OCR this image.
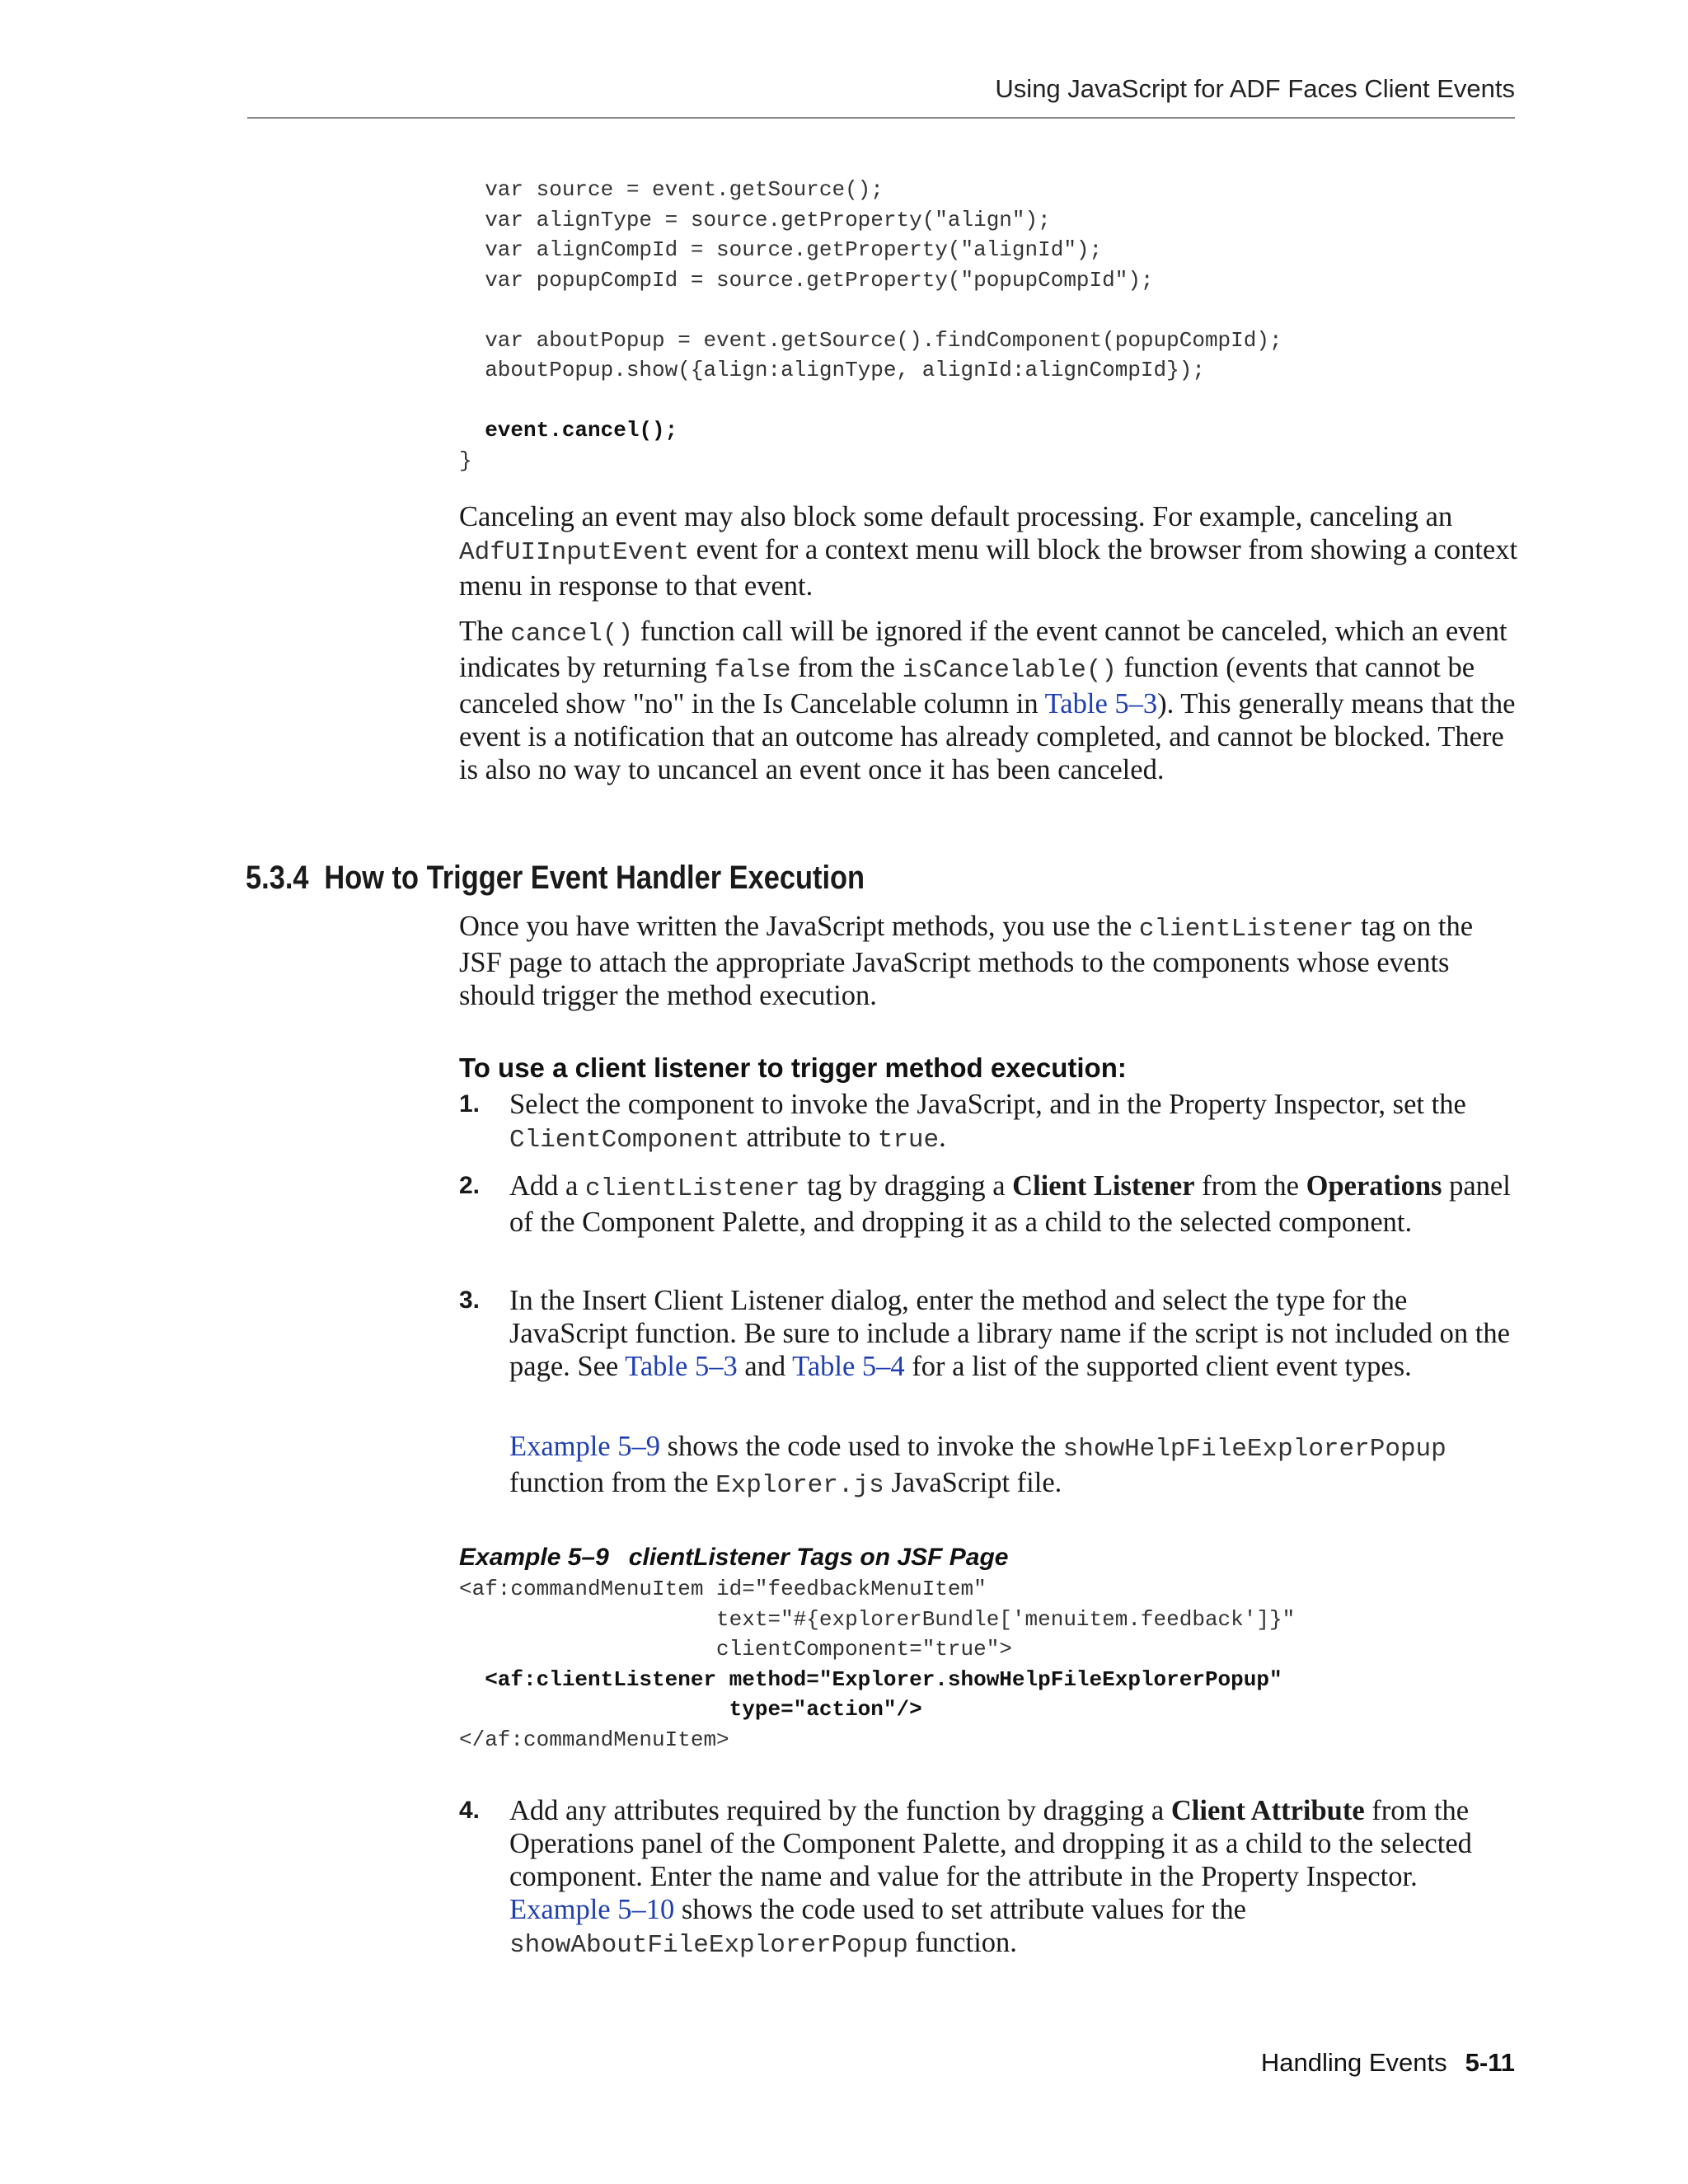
Using JavaScript for ADF Faces Client Events
var source = event.getSource();
var alignType = source.getProperty("align");
var alignCompId = source.getProperty("alignId");
var popupCompId = source.getProperty("popupCompId");

var aboutPopup = event.getSource().findComponent(popupCompId);
aboutPopup.show({align:alignType, alignId:alignCompId});

event.cancel();
}

Canceling an event may also block some default processing. For example, canceling an AdfUIInputEvent event for a context menu will block the browser from showing a context menu in response to that event.

The cancel() function call will be ignored if the event cannot be canceled, which an event indicates by returning false from the isCancelable() function (events that cannot be canceled show "no" in the Is Cancelable column in Table 5–3). This generally means that the event is a notification that an outcome has already completed, and cannot be blocked. There is also no way to uncancel an event once it has been canceled.

5.3.4 How to Trigger Event Handler Execution

Once you have written the JavaScript methods, you use the clientListener tag on the JSF page to attach the appropriate JavaScript methods to the components whose events should trigger the method execution.

To use a client listener to trigger method execution:
1. Select the component to invoke the JavaScript, and in the Property Inspector, set the ClientComponent attribute to true.

2. Add a clientListener tag by dragging a Client Listener from the Operations panel of the Component Palette, and dropping it as a child to the selected component.

3. In the Insert Client Listener dialog, enter the method and select the type for the JavaScript function. Be sure to include a library name if the script is not included on the page. See Table 5–3 and Table 5–4 for a list of the supported client event types.

Example 5–9 shows the code used to invoke the showHelpFileExplorerPopup function from the Explorer.js JavaScript file.

Example 5–9 clientListener Tags on JSF Page
<af:commandMenuItem id="feedbackMenuItem"
text="#{explorerBundle['menuitem.feedback']}"
clientComponent="true">
<af:clientListener method="Explorer.showHelpFileExplorerPopup"
type="action"/>
</af:commandMenuItem>
4. Add any attributes required by the function by dragging a Client Attribute from the Operations panel of the Component Palette, and dropping it as a child to the selected component. Enter the name and value for the attribute in the Property Inspector. Example 5–10 shows the code used to set attribute values for the showAboutFileExplorerPopup function.

Handling Events 5-11
